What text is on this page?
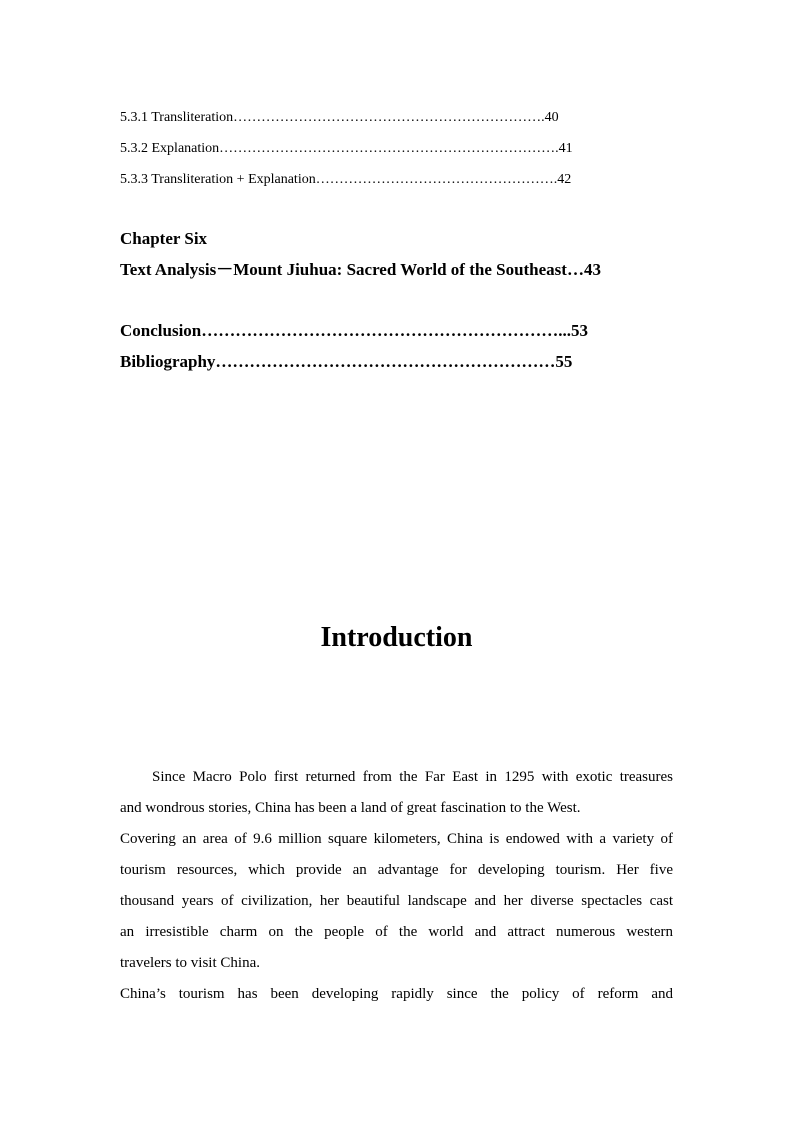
5.3.1 Transliteration………………………………………………………….40
5.3.2 Explanation……………………………………………………………….41
5.3.3 Transliteration + Explanation…………………………………………….42
Chapter Six
Text Analysis－Mount Jiuhua: Sacred World of the Southeast…43
Conclusion………………………………………………………...53
Bibliography……………………………………………………55
Introduction
Since Macro Polo first returned from the Far East in 1295 with exotic treasures
and wondrous stories, China has been a land of great fascination to the West.
Covering an area of 9.6 million square kilometers, China is endowed with a variety of
tourism resources, which provide an advantage for developing tourism. Her five
thousand years of civilization, her beautiful landscape and her diverse spectacles cast
an irresistible charm on the people of the world and attract numerous western
travelers to visit China.
China’s tourism has been developing rapidly since the policy of reform and
